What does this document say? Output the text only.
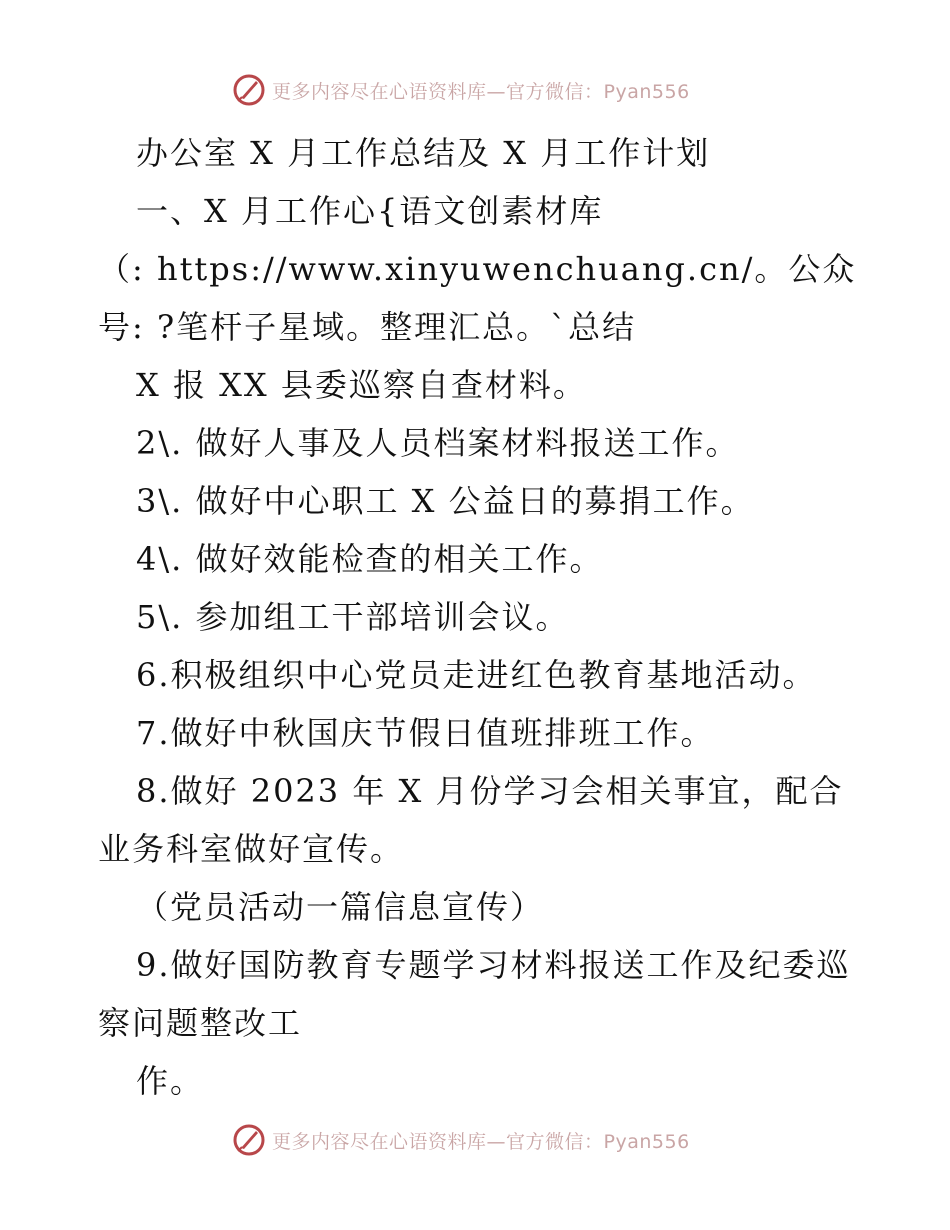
更多内容尽在心语资料库—官方微信：Pyan556
办公室 X 月工作总结及 X 月工作计划
一、X 月工作心{语文创素材库
（: https://www.xinyuwenchuang.cn/。公众
号: ?笔杆子星域。整理汇总。`总结
X 报 XX 县委巡察自查材料。
2\. 做好人事及人员档案材料报送工作。
3\. 做好中心职工 X 公益日的募捐工作。
4\. 做好效能检查的相关工作。
5\. 参加组工干部培训会议。
6.积极组织中心党员走进红色教育基地活动。
7.做好中秋国庆节假日值班排班工作。
8.做好 2023 年 X 月份学习会相关事宜，配合
业务科室做好宣传。
（党员活动一篇信息宣传）
9.做好国防教育专题学习材料报送工作及纪委巡
察问题整改工
作。
更多内容尽在心语资料库—官方微信：Pyan556
